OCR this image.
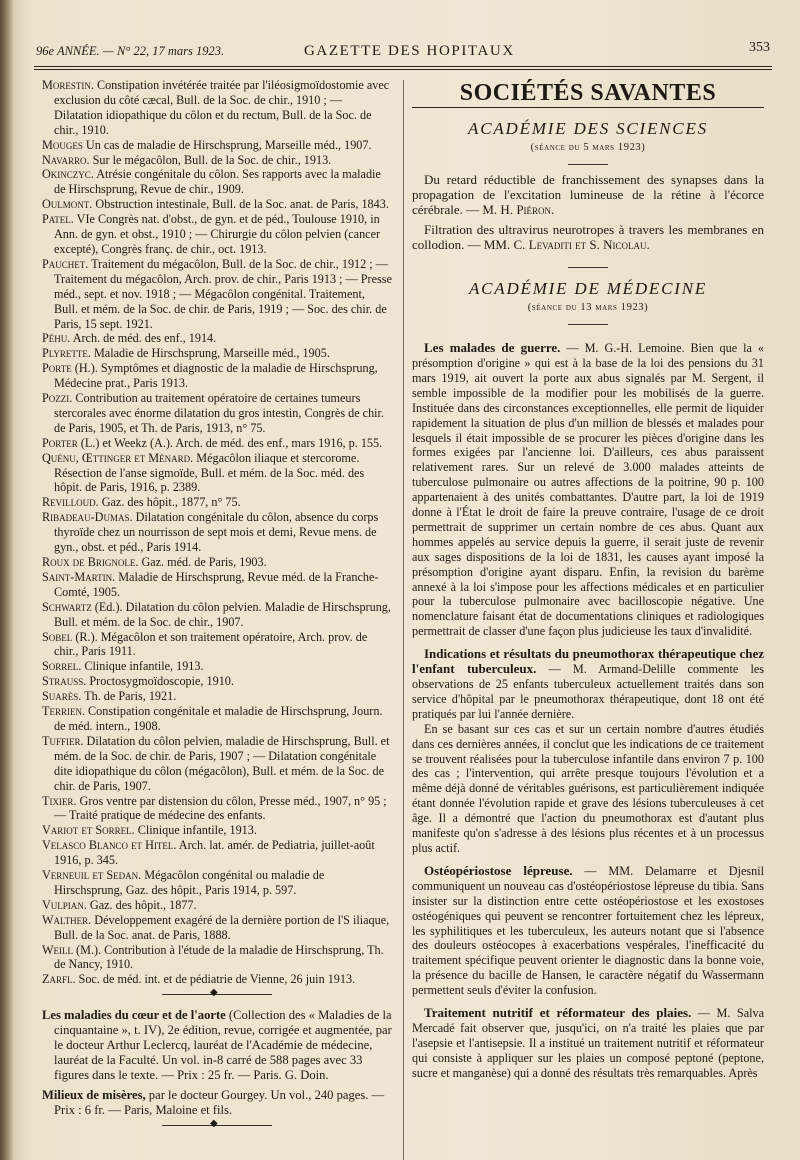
96e ANNÉE. — N° 22, 17 mars 1923.	GAZETTE DES HOPITAUX	353

Morestin. Constipation invétérée traitée par l'iléosigmoïdostomie avec exclusion du côté cæcal, Bull. de la Soc. de chir., 1910 ; — Dilatation idiopathique du côlon et du rectum, Bull. de la Soc. de chir., 1910.

Mouges Un cas de maladie de Hirschsprung, Marseille méd., 1907.

Navarro. Sur le mégacôlon, Bull. de la Soc. de chir., 1913.

Okinczyc. Atrésie congénitale du côlon. Ses rapports avec la maladie de Hirschsprung, Revue de chir., 1909.

Oulmont. Obstruction intestinale, Bull. de la Soc. anat. de Paris, 1843.

Patel. VIe Congrès nat. d'obst., de gyn. et de péd., Toulouse 1910, in Ann. de gyn. et obst., 1910 ; — Chirurgie du côlon pelvien (cancer excepté), Congrès franç. de chir., oct. 1913.

Pauchet. Traitement du mégacôlon, Bull. de la Soc. de chir., 1912 ; — Traitement du mégacôlon, Arch. prov. de chir., Paris 1913 ; — Presse méd., sept. et nov. 1918 ; — Mégacôlon congénital. Traitement, Bull. et mém. de la Soc. de chir. de Paris, 1919 ; — Soc. des chir. de Paris, 15 sept. 1921.

Péhu. Arch. de méd. des enf., 1914.

Plyrette. Maladie de Hirschsprung, Marseille méd., 1905.

Porte (H.). Symptômes et diagnostic de la maladie de Hirschsprung, Médecine prat., Paris 1913.

Pozzi. Contribution au traitement opératoire de certaines tumeurs stercorales avec énorme dilatation du gros intestin, Congrès de chir. de Paris, 1905, et Th. de Paris, 1913, n° 75.

Porter (L.) et Weekz (A.). Arch. de méd. des enf., mars 1916, p. 155.

Quénu, Œttinger et Ménard. Mégacôlon iliaque et stercorome. Résection de l'anse sigmoïde, Bull. et mém. de la Soc. méd. des hôpit. de Paris, 1916, p. 2389.

Revilloud. Gaz. des hôpit., 1877, n° 75.

Ribadeau-Dumas. Dilatation congénitale du côlon, absence du corps thyroïde chez un nourrisson de sept mois et demi, Revue mens. de gyn., obst. et péd., Paris 1914.

Roux de Brignole. Gaz. méd. de Paris, 1903.

Saint-Martin. Maladie de Hirschsprung, Revue méd. de la Franche-Comté, 1905.

Schwartz (Ed.). Dilatation du côlon pelvien. Maladie de Hirschsprung, Bull. et mém. de la Soc. de chir., 1907.

Sobel (R.). Mégacôlon et son traitement opératoire, Arch. prov. de chir., Paris 1911.

Sorrel. Clinique infantile, 1913.

Strauss. Proctosygmoïdoscopie, 1910.

Suarès. Th. de Paris, 1921.

Terrien. Constipation congénitale et maladie de Hirschsprung, Journ. de méd. intern., 1908.

Tuffier. Dilatation du côlon pelvien, maladie de Hirschsprung, Bull. et mém. de la Soc. de chir. de Paris, 1907 ; — Dilatation congénitale dite idiopathique du côlon (mégacôlon), Bull. et mém. de la Soc. de chir. de Paris, 1907.

Tixier. Gros ventre par distension du côlon, Presse méd., 1907, n° 95 ; — Traité pratique de médecine des enfants.

Variot et Sorrel. Clinique infantile, 1913.

Velasco Blanco et Hitel. Arch. lat. amér. de Pediatria, juillet-août 1916, p. 345.

Verneuil et Sedan. Mégacôlon congénital ou maladie de Hirschsprung, Gaz. des hôpit., Paris 1914, p. 597.

Vulpian. Gaz. des hôpit., 1877.

Walther. Développement exagéré de la dernière portion de l'S iliaque, Bull. de la Soc. anat. de Paris, 1888.

Weill (M.). Contribution à l'étude de la maladie de Hirschsprung, Th. de Nancy, 1910.

Zarfl. Soc. de méd. int. et de pédiatrie de Vienne, 26 juin 1913.

◆

Les maladies du cœur et de l'aorte (Collection des « Maladies de la cinquantaine », t. IV), 2e édition, revue, corrigée et augmentée, par le docteur Arthur Leclercq, lauréat de l'Académie de médecine, lauréat de la Faculté. Un vol. in-8 carré de 588 pages avec 33 figures dans le texte. — Prix : 25 fr. — Paris. G. Doin.

Milieux de misères, par le docteur Gourgey. Un vol., 240 pages. — Prix : 6 fr. — Paris, Maloine et fils.

◆
SOCIÉTÉS SAVANTES
ACADÉMIE DES SCIENCES
(séance du 5 mars 1923)

Du retard réductible de franchissement des synapses dans la propagation de l'excitation lumineuse de la rétine à l'écorce cérébrale. — M. H. Piéron.

Filtration des ultravirus neurotropes à travers les membranes en collodion. — MM. C. Levaditi et S. Nicolau.

ACADÉMIE DE MÉDECINE
(séance du 13 mars 1923)

Les malades de guerre. — M. G.-H. Lemoine. Bien que la « présomption d'origine » qui est à la base de la loi des pensions du 31 mars 1919, ait ouvert la porte aux abus signalés par M. Sergent, il semble impossible de la modifier pour les mobilisés de la guerre. Instituée dans des circonstances exceptionnelles, elle permit de liquider rapidement la situation de plus d'un million de blessés et malades pour lesquels il était impossible de se procurer les pièces d'origine dans les formes exigées par l'ancienne loi. D'ailleurs, ces abus paraissent relativement rares. Sur un relevé de 3.000 malades atteints de tuberculose pulmonaire ou autres affections de la poitrine, 90 p. 100 appartenaient à des unités combattantes. D'autre part, la loi de 1919 donne à l'État le droit de faire la preuve contraire, l'usage de ce droit permettrait de supprimer un certain nombre de ces abus. Quant aux hommes appelés au service depuis la guerre, il serait juste de revenir aux sages dispositions de la loi de 1831, les causes ayant imposé la présomption d'origine ayant disparu. Enfin, la revision du barème annexé à la loi s'impose pour les affections médicales et en particulier pour la tuberculose pulmonaire avec bacilloscopie négative. Une nomenclature faisant état de documentations cliniques et radiologiques permettrait de classer d'une façon plus judicieuse les taux d'invalidité.

Indications et résultats du pneumothorax thérapeutique chez l'enfant tuberculeux. — M. Armand-Delille commente les observations de 25 enfants tuberculeux actuellement traités dans son service d'hôpital par le pneumothorax thérapeutique, dont 18 ont été pratiqués par lui l'année dernière.

En se basant sur ces cas et sur un certain nombre d'autres étudiés dans ces dernières années, il conclut que les indications de ce traitement se trouvent réalisées pour la tuberculose infantile dans environ 7 p. 100 des cas ; l'intervention, qui arrête presque toujours l'évolution et a même déjà donné de véritables guérisons, est particulièrement indiquée étant donnée l'évolution rapide et grave des lésions tuberculeuses à cet âge. Il a démontré que l'action du pneumothorax est d'autant plus manifeste qu'on s'adresse à des lésions plus récentes et à un processus plus actif.

Ostéopériostose lépreuse. — MM. Delamarre et Djesnil communiquent un nouveau cas d'ostéopériostose lépreuse du tibia. Sans insister sur la distinction entre cette ostéopériostose et les exostoses ostéogéniques qui peuvent se rencontrer fortuitement chez les lépreux, les syphilitiques et les tuberculeux, les auteurs notant que si l'absence des douleurs ostéocopes à exacerbations vespérales, l'inefficacité du traitement spécifique peuvent orienter le diagnostic dans la bonne voie, la présence du bacille de Hansen, le caractère négatif du Wassermann permettent seuls d'éviter la confusion.

Traitement nutritif et réformateur des plaies. — M. Salva Mercadé fait observer que, jusqu'ici, on n'a traité les plaies que par l'asepsie et l'antisepsie. Il a institué un traitement nutritif et réformateur qui consiste à appliquer sur les plaies un composé peptoné (peptone, sucre et manganèse) qui a donné des résultats très remarquables. Après
